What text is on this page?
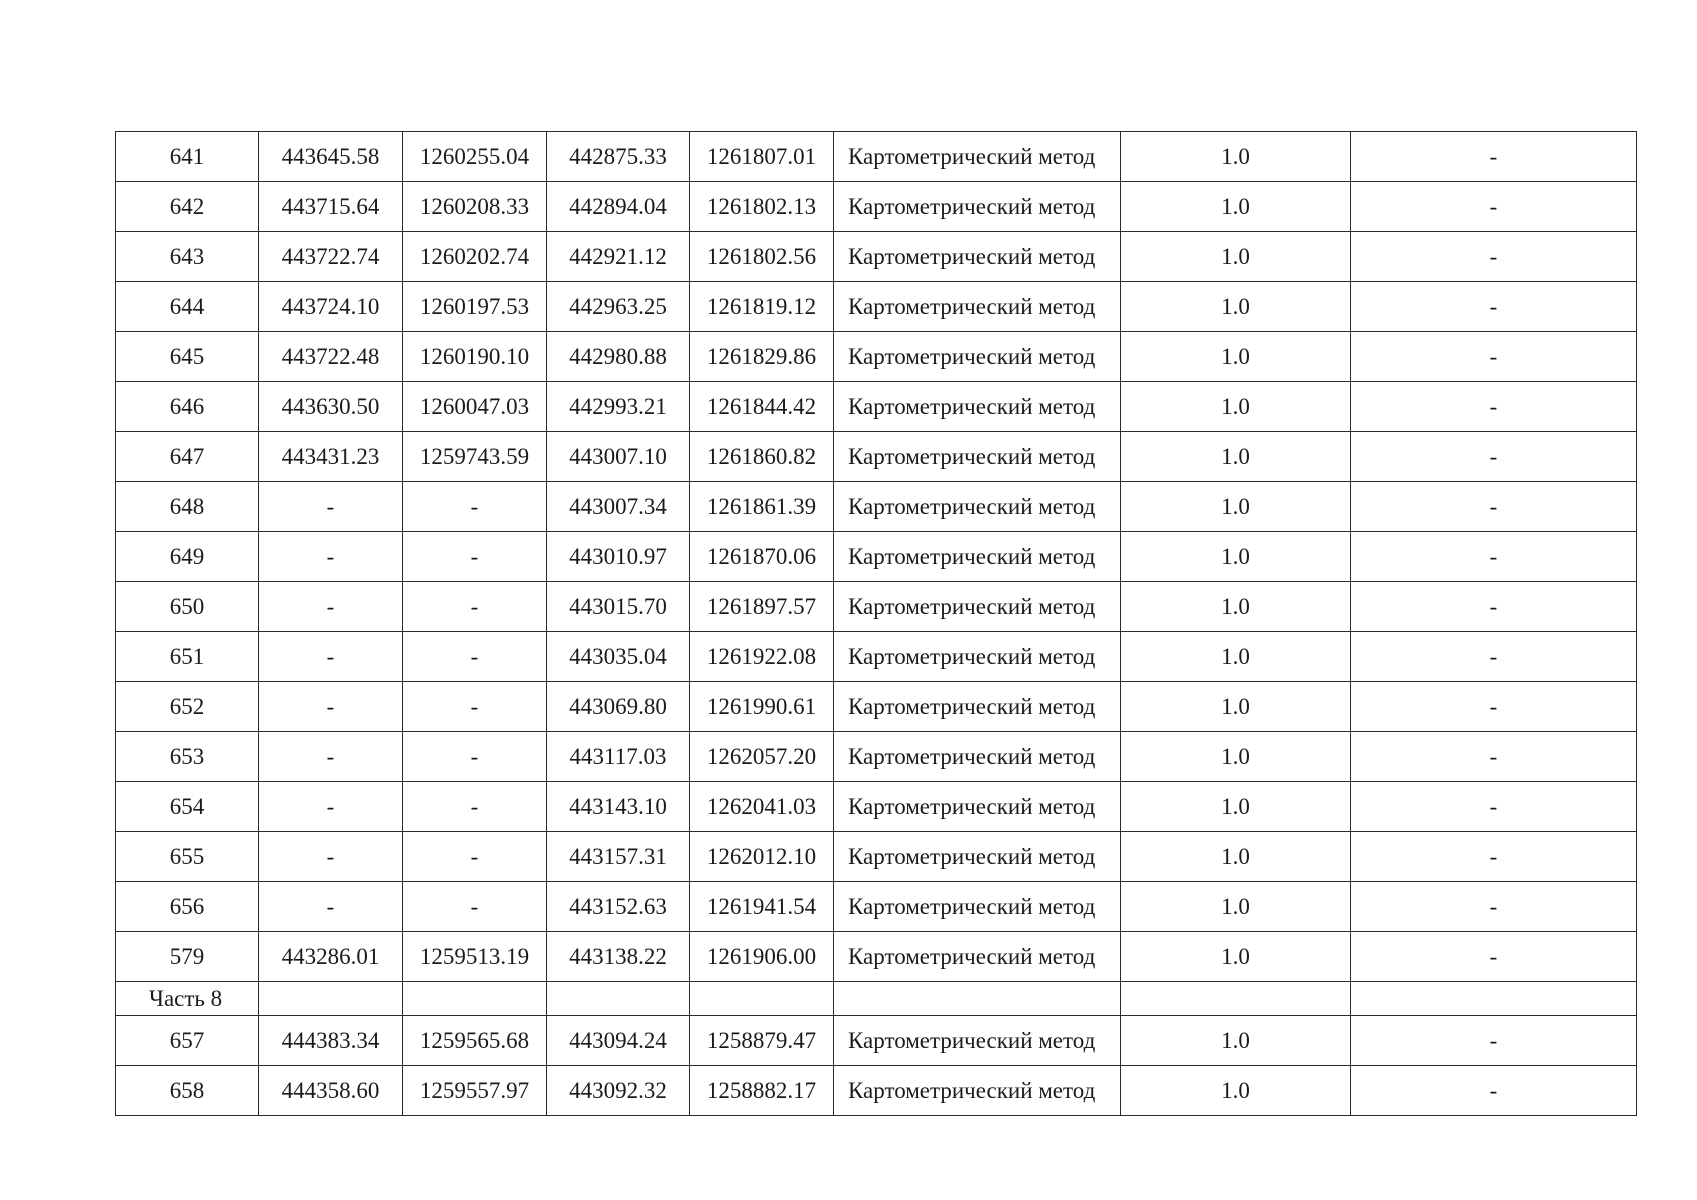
641	443645.58	1260255.04	442875.33	1261807.01	Картометрический метод	1.0	-
642	443715.64	1260208.33	442894.04	1261802.13	Картометрический метод	1.0	-
643	443722.74	1260202.74	442921.12	1261802.56	Картометрический метод	1.0	-
644	443724.10	1260197.53	442963.25	1261819.12	Картометрический метод	1.0	-
645	443722.48	1260190.10	442980.88	1261829.86	Картометрический метод	1.0	-
646	443630.50	1260047.03	442993.21	1261844.42	Картометрический метод	1.0	-
647	443431.23	1259743.59	443007.10	1261860.82	Картометрический метод	1.0	-
648	-	-	443007.34	1261861.39	Картометрический метод	1.0	-
649	-	-	443010.97	1261870.06	Картометрический метод	1.0	-
650	-	-	443015.70	1261897.57	Картометрический метод	1.0	-
651	-	-	443035.04	1261922.08	Картометрический метод	1.0	-
652	-	-	443069.80	1261990.61	Картометрический метод	1.0	-
653	-	-	443117.03	1262057.20	Картометрический метод	1.0	-
654	-	-	443143.10	1262041.03	Картометрический метод	1.0	-
655	-	-	443157.31	1262012.10	Картометрический метод	1.0	-
656	-	-	443152.63	1261941.54	Картометрический метод	1.0	-
579	443286.01	1259513.19	443138.22	1261906.00	Картометрический метод	1.0	-
Часть 8							
657	444383.34	1259565.68	443094.24	1258879.47	Картометрический метод	1.0	-
658	444358.60	1259557.97	443092.32	1258882.17	Картометрический метод	1.0	-
